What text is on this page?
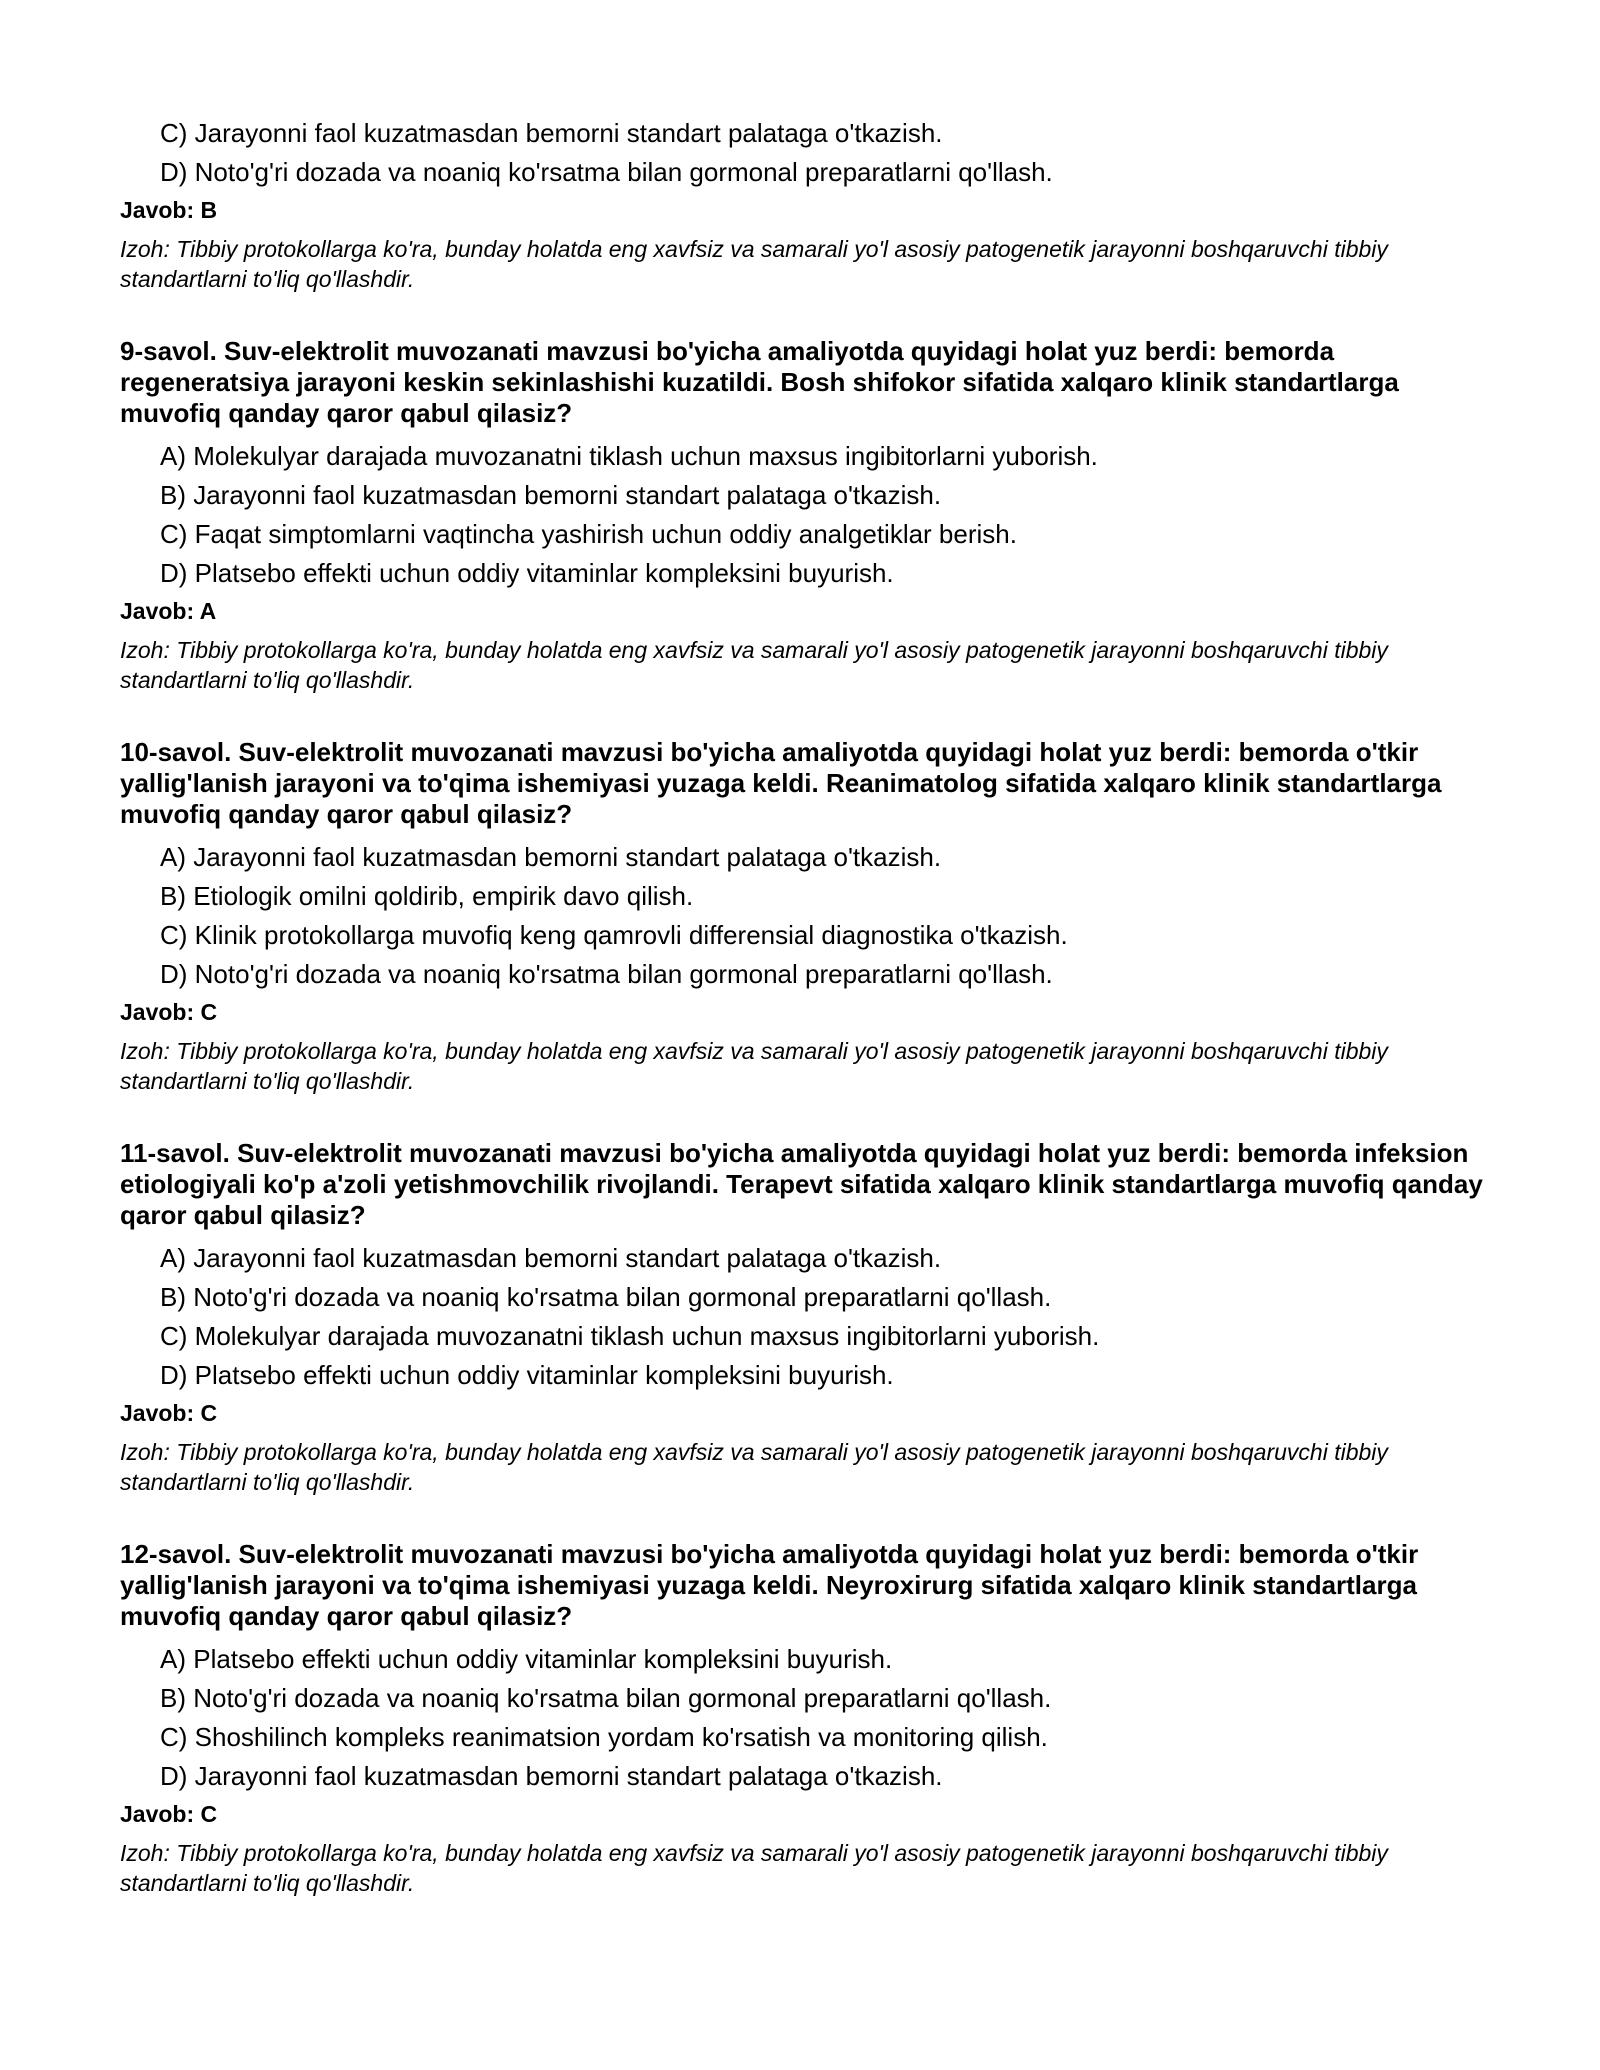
C) Jarayonni faol kuzatmasdan bemorni standart palataga o'tkazish.

D) Noto'g'ri dozada va noaniq ko'rsatma bilan gormonal preparatlarni qo'llash.

Javob: B

Izoh: Tibbiy protokollarga ko'ra, bunday holatda eng xavfsiz va samarali yo'l asosiy patogenetik jarayonni boshqaruvchi tibbiy standartlarni to'liq qo'llashdir.

9-savol. Suv-elektrolit muvozanati mavzusi bo'yicha amaliyotda quyidagi holat yuz berdi: bemorda regeneratsiya jarayoni keskin sekinlashishi kuzatildi. Bosh shifokor sifatida xalqaro klinik standartlarga muvofiq qanday qaror qabul qilasiz?

A) Molekulyar darajada muvozanatni tiklash uchun maxsus ingibitorlarni yuborish.

B) Jarayonni faol kuzatmasdan bemorni standart palataga o'tkazish.

C) Faqat simptomlarni vaqtincha yashirish uchun oddiy analgetiklar berish.

D) Platsebo effekti uchun oddiy vitaminlar kompleksini buyurish.

Javob: A

Izoh: Tibbiy protokollarga ko'ra, bunday holatda eng xavfsiz va samarali yo'l asosiy patogenetik jarayonni boshqaruvchi tibbiy standartlarni to'liq qo'llashdir.

10-savol. Suv-elektrolit muvozanati mavzusi bo'yicha amaliyotda quyidagi holat yuz berdi: bemorda o'tkir yallig'lanish jarayoni va to'qima ishemiyasi yuzaga keldi. Reanimatolog sifatida xalqaro klinik standartlarga muvofiq qanday qaror qabul qilasiz?

A) Jarayonni faol kuzatmasdan bemorni standart palataga o'tkazish.

B) Etiologik omilni qoldirib, empirik davo qilish.

C) Klinik protokollarga muvofiq keng qamrovli differensial diagnostika o'tkazish.

D) Noto'g'ri dozada va noaniq ko'rsatma bilan gormonal preparatlarni qo'llash.

Javob: C

Izoh: Tibbiy protokollarga ko'ra, bunday holatda eng xavfsiz va samarali yo'l asosiy patogenetik jarayonni boshqaruvchi tibbiy standartlarni to'liq qo'llashdir.

11-savol. Suv-elektrolit muvozanati mavzusi bo'yicha amaliyotda quyidagi holat yuz berdi: bemorda infeksion etiologiyali ko'p a'zoli yetishmovchilik rivojlandi. Terapevt sifatida xalqaro klinik standartlarga muvofiq qanday qaror qabul qilasiz?

A) Jarayonni faol kuzatmasdan bemorni standart palataga o'tkazish.

B) Noto'g'ri dozada va noaniq ko'rsatma bilan gormonal preparatlarni qo'llash.

C) Molekulyar darajada muvozanatni tiklash uchun maxsus ingibitorlarni yuborish.

D) Platsebo effekti uchun oddiy vitaminlar kompleksini buyurish.

Javob: C

Izoh: Tibbiy protokollarga ko'ra, bunday holatda eng xavfsiz va samarali yo'l asosiy patogenetik jarayonni boshqaruvchi tibbiy standartlarni to'liq qo'llashdir.

12-savol. Suv-elektrolit muvozanati mavzusi bo'yicha amaliyotda quyidagi holat yuz berdi: bemorda o'tkir yallig'lanish jarayoni va to'qima ishemiyasi yuzaga keldi. Neyroxirurg sifatida xalqaro klinik standartlarga muvofiq qanday qaror qabul qilasiz?

A) Platsebo effekti uchun oddiy vitaminlar kompleksini buyurish.

B) Noto'g'ri dozada va noaniq ko'rsatma bilan gormonal preparatlarni qo'llash.

C) Shoshilinch kompleks reanimatsion yordam ko'rsatish va monitoring qilish.

D) Jarayonni faol kuzatmasdan bemorni standart palataga o'tkazish.

Javob: C

Izoh: Tibbiy protokollarga ko'ra, bunday holatda eng xavfsiz va samarali yo'l asosiy patogenetik jarayonni boshqaruvchi tibbiy standartlarni to'liq qo'llashdir.
